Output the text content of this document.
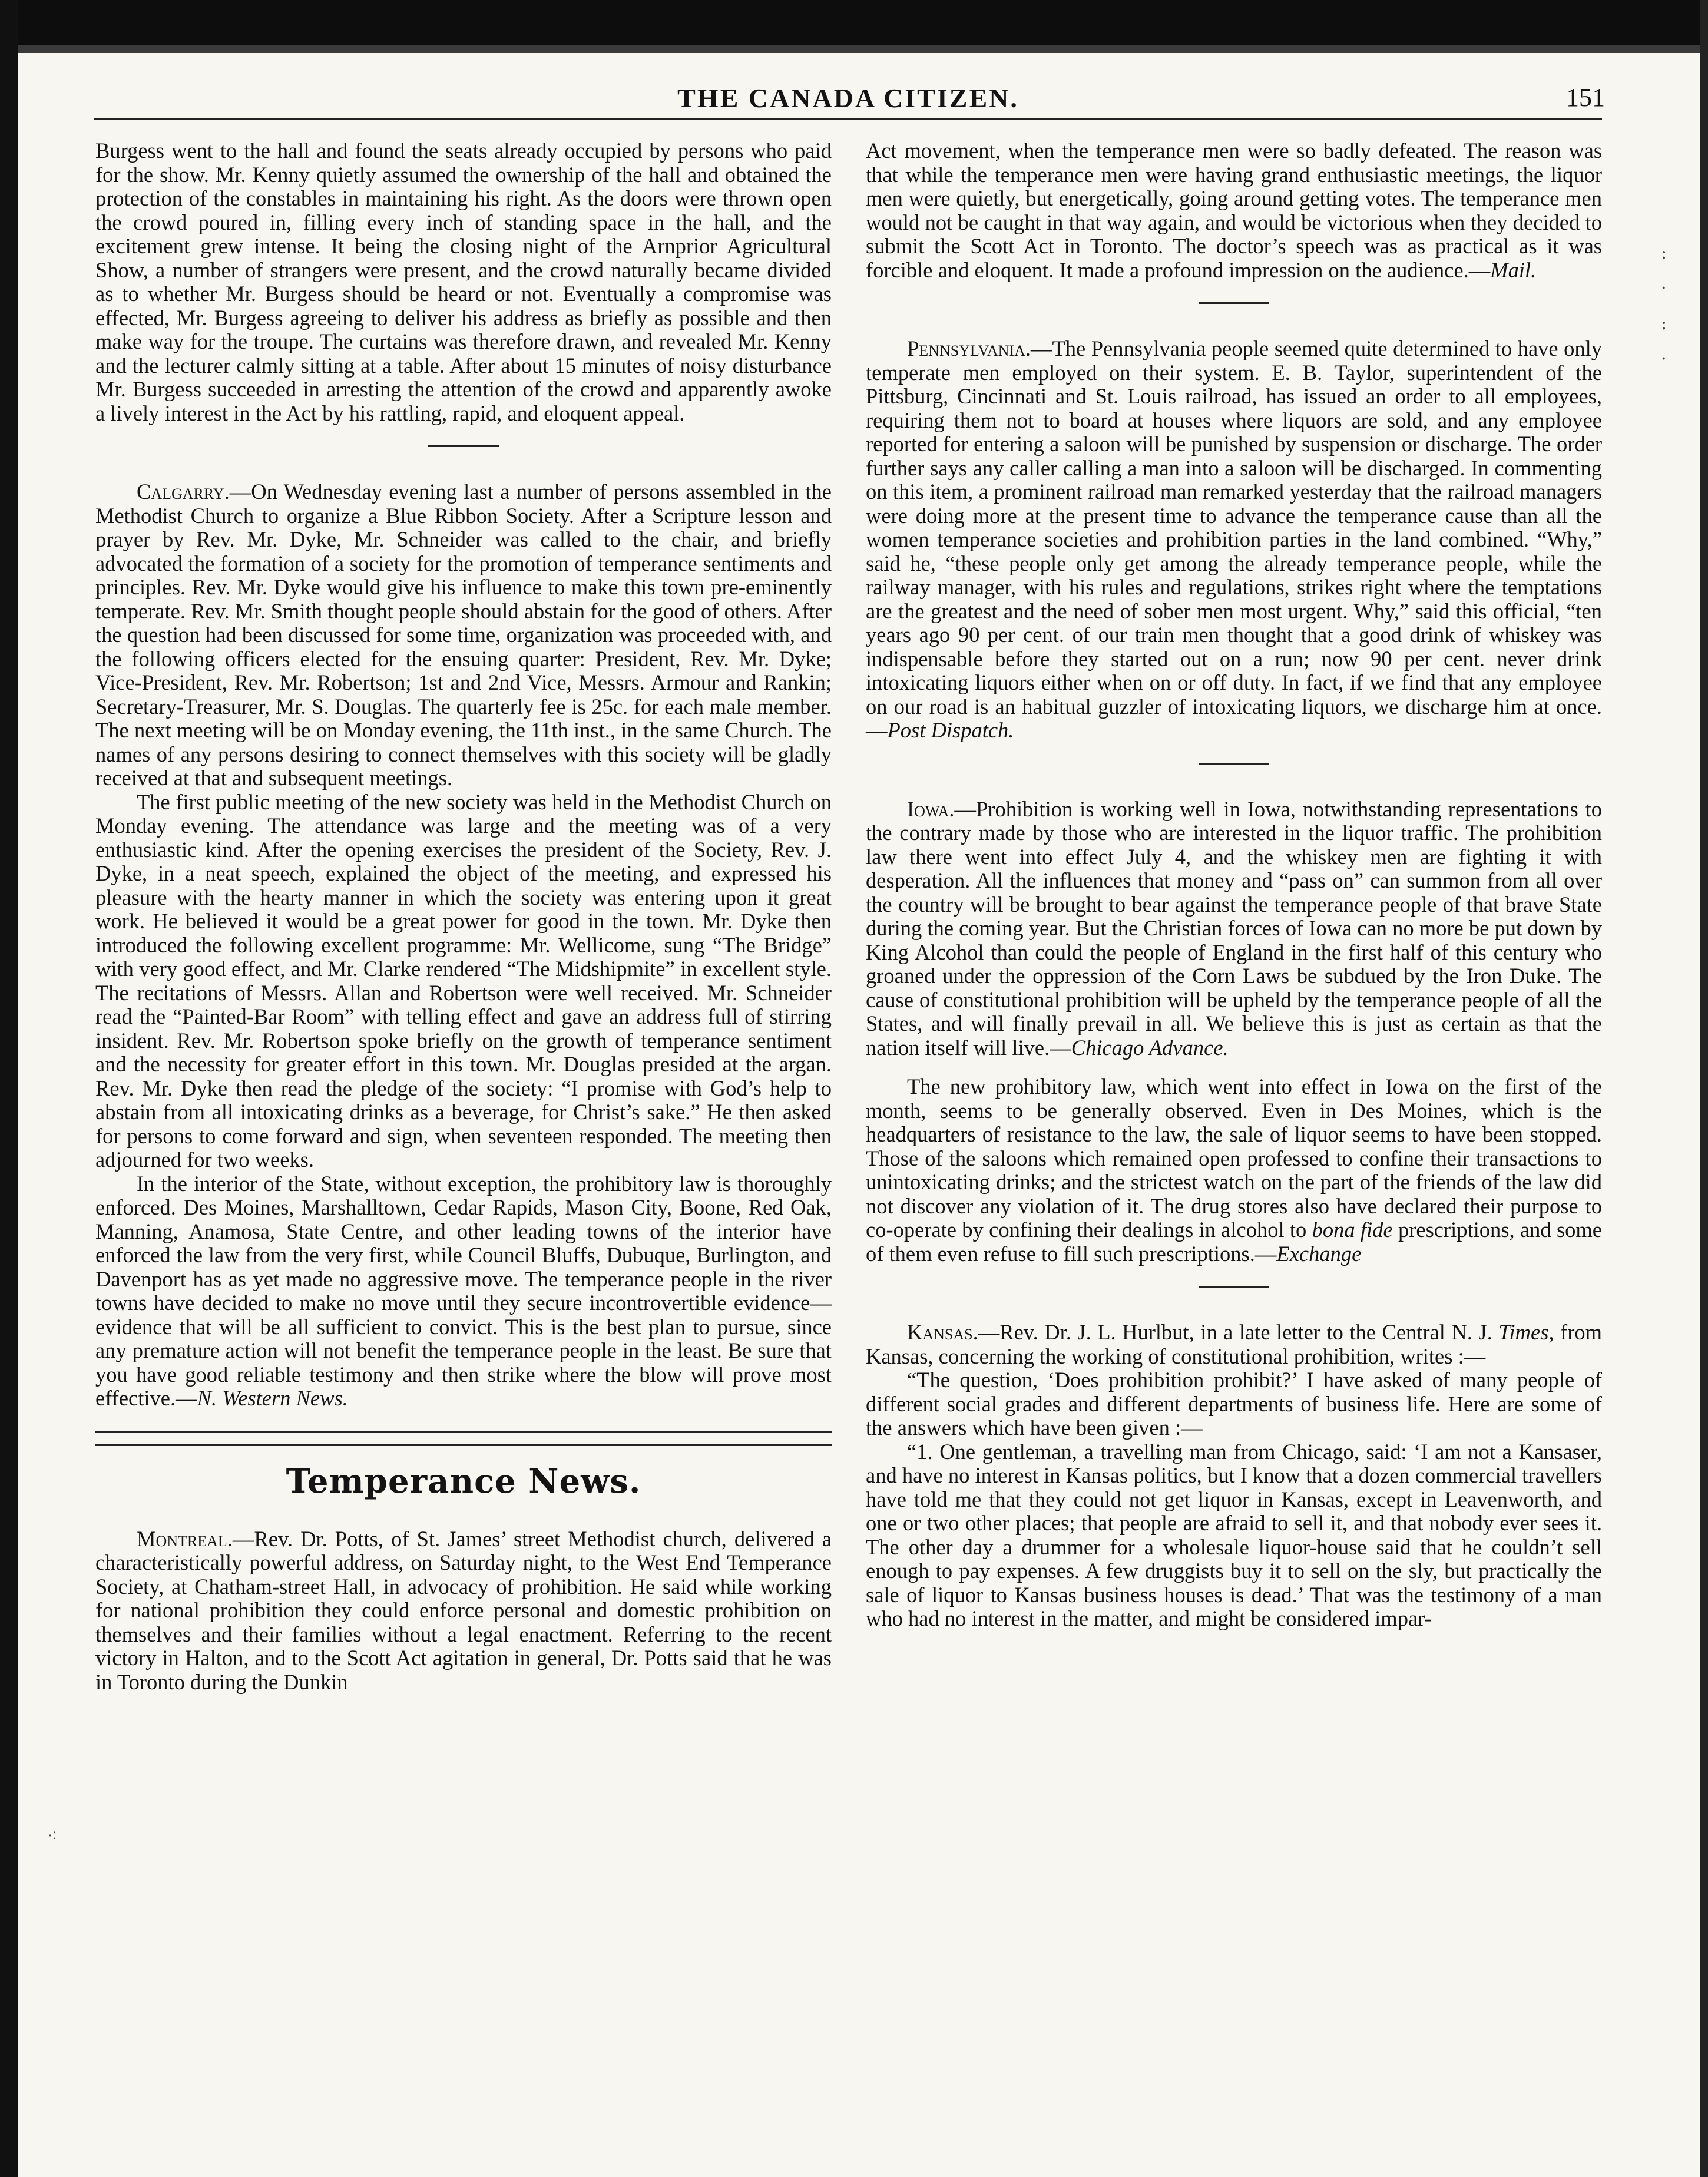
THE CANADA CITIZEN.	151

Burgess went to the hall and found the seats already occupied by persons who paid for the show. Mr. Kenny quietly assumed the ownership of the hall and obtained the protection of the constables in maintaining his right. As the doors were thrown open the crowd poured in, filling every inch of standing space in the hall, and the excitement grew intense. It being the closing night of the Arnprior Agricultural Show, a number of strangers were present, and the crowd naturally became divided as to whether Mr. Burgess should be heard or not. Eventually a compromise was effected, Mr. Burgess agreeing to deliver his address as briefly as possible and then make way for the troupe. The curtains was therefore drawn, and revealed Mr. Kenny and the lecturer calmly sitting at a table. After about 15 minutes of noisy disturbance Mr. Burgess succeeded in arresting the attention of the crowd and apparently awoke a lively interest in the Act by his rattling, rapid, and eloquent appeal.

Calgarry.—On Wednesday evening last a number of persons assembled in the Methodist Church to organize a Blue Ribbon Society. After a Scripture lesson and prayer by Rev. Mr. Dyke, Mr. Schneider was called to the chair, and briefly advocated the formation of a society for the promotion of temperance sentiments and principles. Rev. Mr. Dyke would give his influence to make this town pre-eminently temperate. Rev. Mr. Smith thought people should abstain for the good of others. After the question had been discussed for some time, organization was proceeded with, and the following officers elected for the ensuing quarter: President, Rev. Mr. Dyke; Vice-President, Rev. Mr. Robertson; 1st and 2nd Vice, Messrs. Armour and Rankin; Secretary-Treasurer, Mr. S. Douglas. The quarterly fee is 25c. for each male member. The next meeting will be on Monday evening, the 11th inst., in the same Church. The names of any persons desiring to connect themselves with this society will be gladly received at that and subsequent meetings.

The first public meeting of the new society was held in the Methodist Church on Monday evening. The attendance was large and the meeting was of a very enthusiastic kind. After the opening exercises the president of the Society, Rev. J. Dyke, in a neat speech, explained the object of the meeting, and expressed his pleasure with the hearty manner in which the society was entering upon it great work. He believed it would be a great power for good in the town. Mr. Dyke then introduced the following excellent programme: Mr. Wellicome, sung “The Bridge” with very good effect, and Mr. Clarke rendered “The Midshipmite” in excellent style. The recitations of Messrs. Allan and Robertson were well received. Mr. Schneider read the “Painted-Bar Room” with telling effect and gave an address full of stirring insident. Rev. Mr. Robertson spoke briefly on the growth of temperance sentiment and the necessity for greater effort in this town. Mr. Douglas presided at the argan. Rev. Mr. Dyke then read the pledge of the society: “I promise with God’s help to abstain from all intoxicating drinks as a beverage, for Christ’s sake.” He then asked for persons to come forward and sign, when seventeen responded. The meeting then adjourned for two weeks.

In the interior of the State, without exception, the prohibitory law is thoroughly enforced. Des Moines, Marshalltown, Cedar Rapids, Mason City, Boone, Red Oak, Manning, Anamosa, State Centre, and other leading towns of the interior have enforced the law from the very first, while Council Bluffs, Dubuque, Burlington, and Davenport has as yet made no aggressive move. The temperance people in the river towns have decided to make no move until they secure incontrovertible evidence—evidence that will be all sufficient to convict. This is the best plan to pursue, since any premature action will not benefit the temperance people in the least. Be sure that you have good reliable testimony and then strike where the blow will prove most effective.—N. Western News.

Temperance News.

Montreal.—Rev. Dr. Potts, of St. James’ street Methodist church, delivered a characteristically powerful address, on Saturday night, to the West End Temperance Society, at Chatham-street Hall, in advocacy of prohibition. He said while working for national prohibition they could enforce personal and domestic prohibition on themselves and their families without a legal enactment. Referring to the recent victory in Halton, and to the Scott Act agitation in general, Dr. Potts said that he was in Toronto during the Dunkin

Act movement, when the temperance men were so badly defeated. The reason was that while the temperance men were having grand enthusiastic meetings, the liquor men were quietly, but energetically, going around getting votes. The temperance men would not be caught in that way again, and would be victorious when they decided to submit the Scott Act in Toronto. The doctor’s speech was as practical as it was forcible and eloquent. It made a profound impression on the audience.—Mail.

Pennsylvania.—The Pennsylvania people seemed quite determined to have only temperate men employed on their system. E. B. Taylor, superintendent of the Pittsburg, Cincinnati and St. Louis railroad, has issued an order to all employees, requiring them not to board at houses where liquors are sold, and any employee reported for entering a saloon will be punished by suspension or discharge. The order further says any caller calling a man into a saloon will be discharged. In commenting on this item, a prominent railroad man remarked yesterday that the railroad managers were doing more at the present time to advance the temperance cause than all the women temperance societies and prohibition parties in the land combined. “Why,” said he, “these people only get among the already temperance people, while the railway manager, with his rules and regulations, strikes right where the temptations are the greatest and the need of sober men most urgent. Why,” said this official, “ten years ago 90 per cent. of our train men thought that a good drink of whiskey was indispensable before they started out on a run; now 90 per cent. never drink intoxicating liquors either when on or off duty. In fact, if we find that any employee on our road is an habitual guzzler of intoxicating liquors, we discharge him at once.—Post Dispatch.

Iowa.—Prohibition is working well in Iowa, notwithstanding representations to the contrary made by those who are interested in the liquor traffic. The prohibition law there went into effect July 4, and the whiskey men are fighting it with desperation. All the influences that money and “pass on” can summon from all over the country will be brought to bear against the temperance people of that brave State during the coming year. But the Christian forces of Iowa can no more be put down by King Alcohol than could the people of England in the first half of this century who groaned under the oppression of the Corn Laws be subdued by the Iron Duke. The cause of constitutional prohibition will be upheld by the temperance people of all the States, and will finally prevail in all. We believe this is just as certain as that the nation itself will live.—Chicago Advance.

The new prohibitory law, which went into effect in Iowa on the first of the month, seems to be generally observed. Even in Des Moines, which is the headquarters of resistance to the law, the sale of liquor seems to have been stopped. Those of the saloons which remained open professed to confine their transactions to unintoxicating drinks; and the strictest watch on the part of the friends of the law did not discover any violation of it. The drug stores also have declared their purpose to co-operate by confining their dealings in alcohol to bona fide prescriptions, and some of them even refuse to fill such prescriptions.—Exchange

Kansas.—Rev. Dr. J. L. Hurlbut, in a late letter to the Central N. J. Times, from Kansas, concerning the working of constitutional prohibition, writes :—

“The question, ‘Does prohibition prohibit?’ I have asked of many people of different social grades and different departments of business life. Here are some of the answers which have been given :—

“1. One gentleman, a travelling man from Chicago, said: ‘I am not a Kansaser, and have no interest in Kansas politics, but I know that a dozen commercial travellers have told me that they could not get liquor in Kansas, except in Leavenworth, and one or two other places; that people are afraid to sell it, and that nobody ever sees it. The other day a drummer for a wholesale liquor-house said that he couldn’t sell enough to pay expenses. A few druggists buy it to sell on the sly, but practically the sale of liquor to Kansas business houses is dead.’ That was the testimony of a man who had no interest in the matter, and might be considered impar-

⁖
:
·
:
·
